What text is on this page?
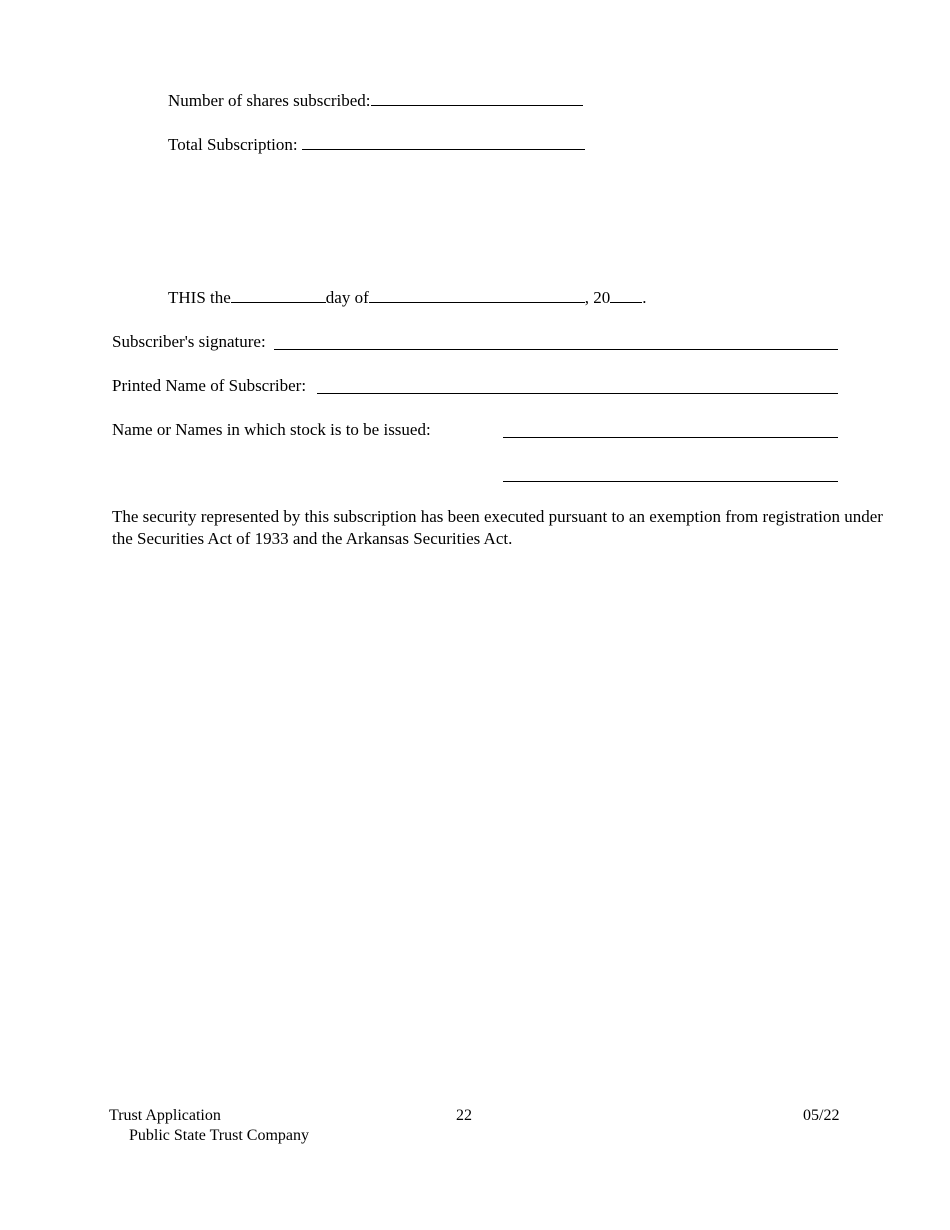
Number of shares subscribed:
Total Subscription:
THIS the	day of	, 20 .
Subscriber's signature:
Printed Name of Subscriber:
Name or Names in which stock is to be issued:
The security represented by this subscription has been executed pursuant to an exemption from registration under the Securities Act of 1933 and the Arkansas Securities Act.
Trust Application
Public State Trust Company
22	05/22
